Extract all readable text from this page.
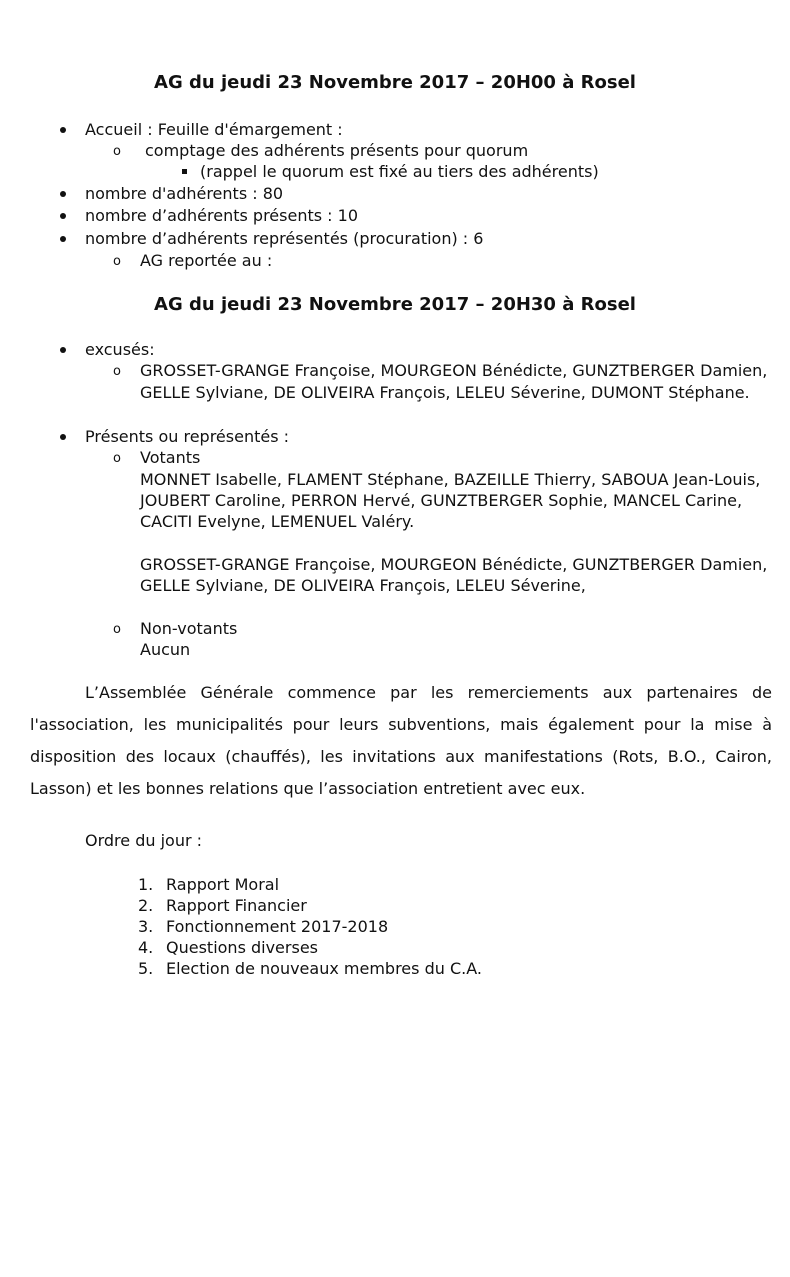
AG du jeudi 23 Novembre 2017 – 20H00 à Rosel
Accueil : Feuille d'émargement :
o comptage des adhérents présents pour quorum
(rappel le quorum est fixé au tiers des adhérents)
nombre d'adhérents : 80
nombre d’adhérents présents : 10
nombre d’adhérents représentés (procuration) : 6
o AG reportée au :
AG du jeudi 23 Novembre 2017 – 20H30 à Rosel
excusés:
o GROSSET-GRANGE Françoise, MOURGEON Bénédicte, GUNZTBERGER Damien,
GELLE Sylviane, DE OLIVEIRA François, LELEU Séverine, DUMONT Stéphane.
Présents ou représentés :
o Votants
MONNET Isabelle, FLAMENT Stéphane, BAZEILLE Thierry, SABOUA Jean-Louis,
JOUBERT Caroline, PERRON Hervé, GUNZTBERGER Sophie, MANCEL Carine,
CACITI Evelyne, LEMENUEL Valéry.
GROSSET-GRANGE Françoise, MOURGEON Bénédicte, GUNZTBERGER Damien,
GELLE Sylviane, DE OLIVEIRA François, LELEU Séverine,
o Non-votants
Aucun
L’Assemblée Générale commence par les remerciements aux partenaires de
l'association, les municipalités pour leurs subventions, mais également pour la mise à
disposition des locaux (chauffés), les invitations aux manifestations (Rots, B.O., Cairon,
Lasson) et les bonnes relations que l’association entretient avec eux.
Ordre du jour :
1. Rapport Moral
2. Rapport Financier
3. Fonctionnement 2017-2018
4. Questions diverses
5. Election de nouveaux membres du C.A.
